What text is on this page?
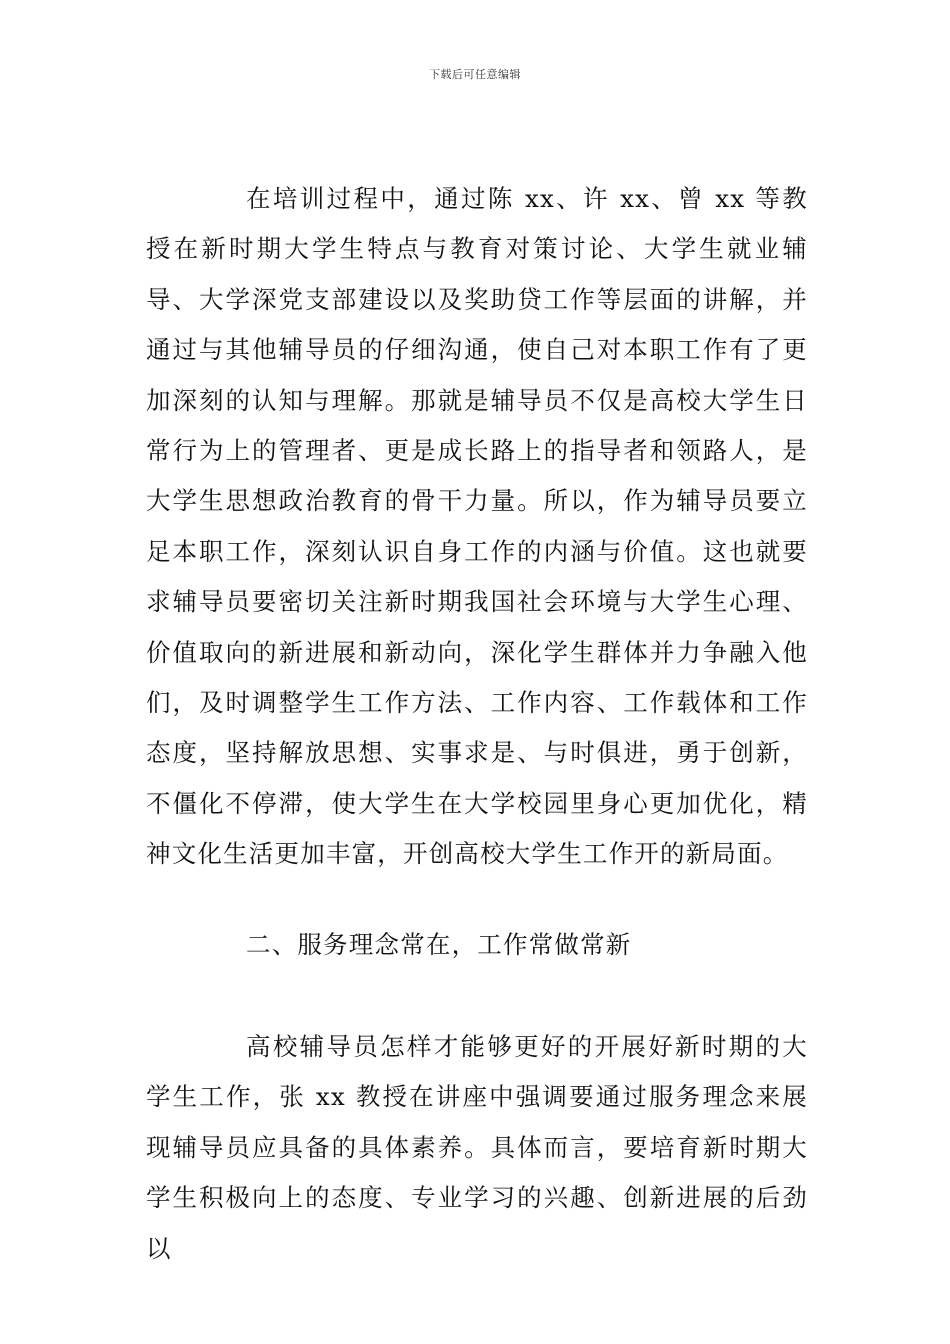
下载后可任意编辑

在培训过程中，通过陈 xx、许 xx、曾 xx 等教授在新时期大学生特点与教育对策讨论、大学生就业辅导、大学深党支部建设以及奖助贷工作等层面的讲解，并通过与其他辅导员的仔细沟通，使自己对本职工作有了更加深刻的认知与理解。那就是辅导员不仅是高校大学生日常行为上的管理者、更是成长路上的指导者和领路人，是大学生思想政治教育的骨干力量。所以，作为辅导员要立足本职工作，深刻认识自身工作的内涵与价值。这也就要求辅导员要密切关注新时期我国社会环境与大学生心理、价值取向的新进展和新动向，深化学生群体并力争融入他们，及时调整学生工作方法、工作内容、工作载体和工作态度，坚持解放思想、实事求是、与时俱进，勇于创新，不僵化不停滞，使大学生在大学校园里身心更加优化，精神文化生活更加丰富，开创高校大学生工作开的新局面。

二、服务理念常在，工作常做常新

高校辅导员怎样才能够更好的开展好新时期的大学生工作，张 xx 教授在讲座中强调要通过服务理念来展现辅导员应具备的具体素养。具体而言，要培育新时期大学生积极向上的态度、专业学习的兴趣、创新进展的后劲以
